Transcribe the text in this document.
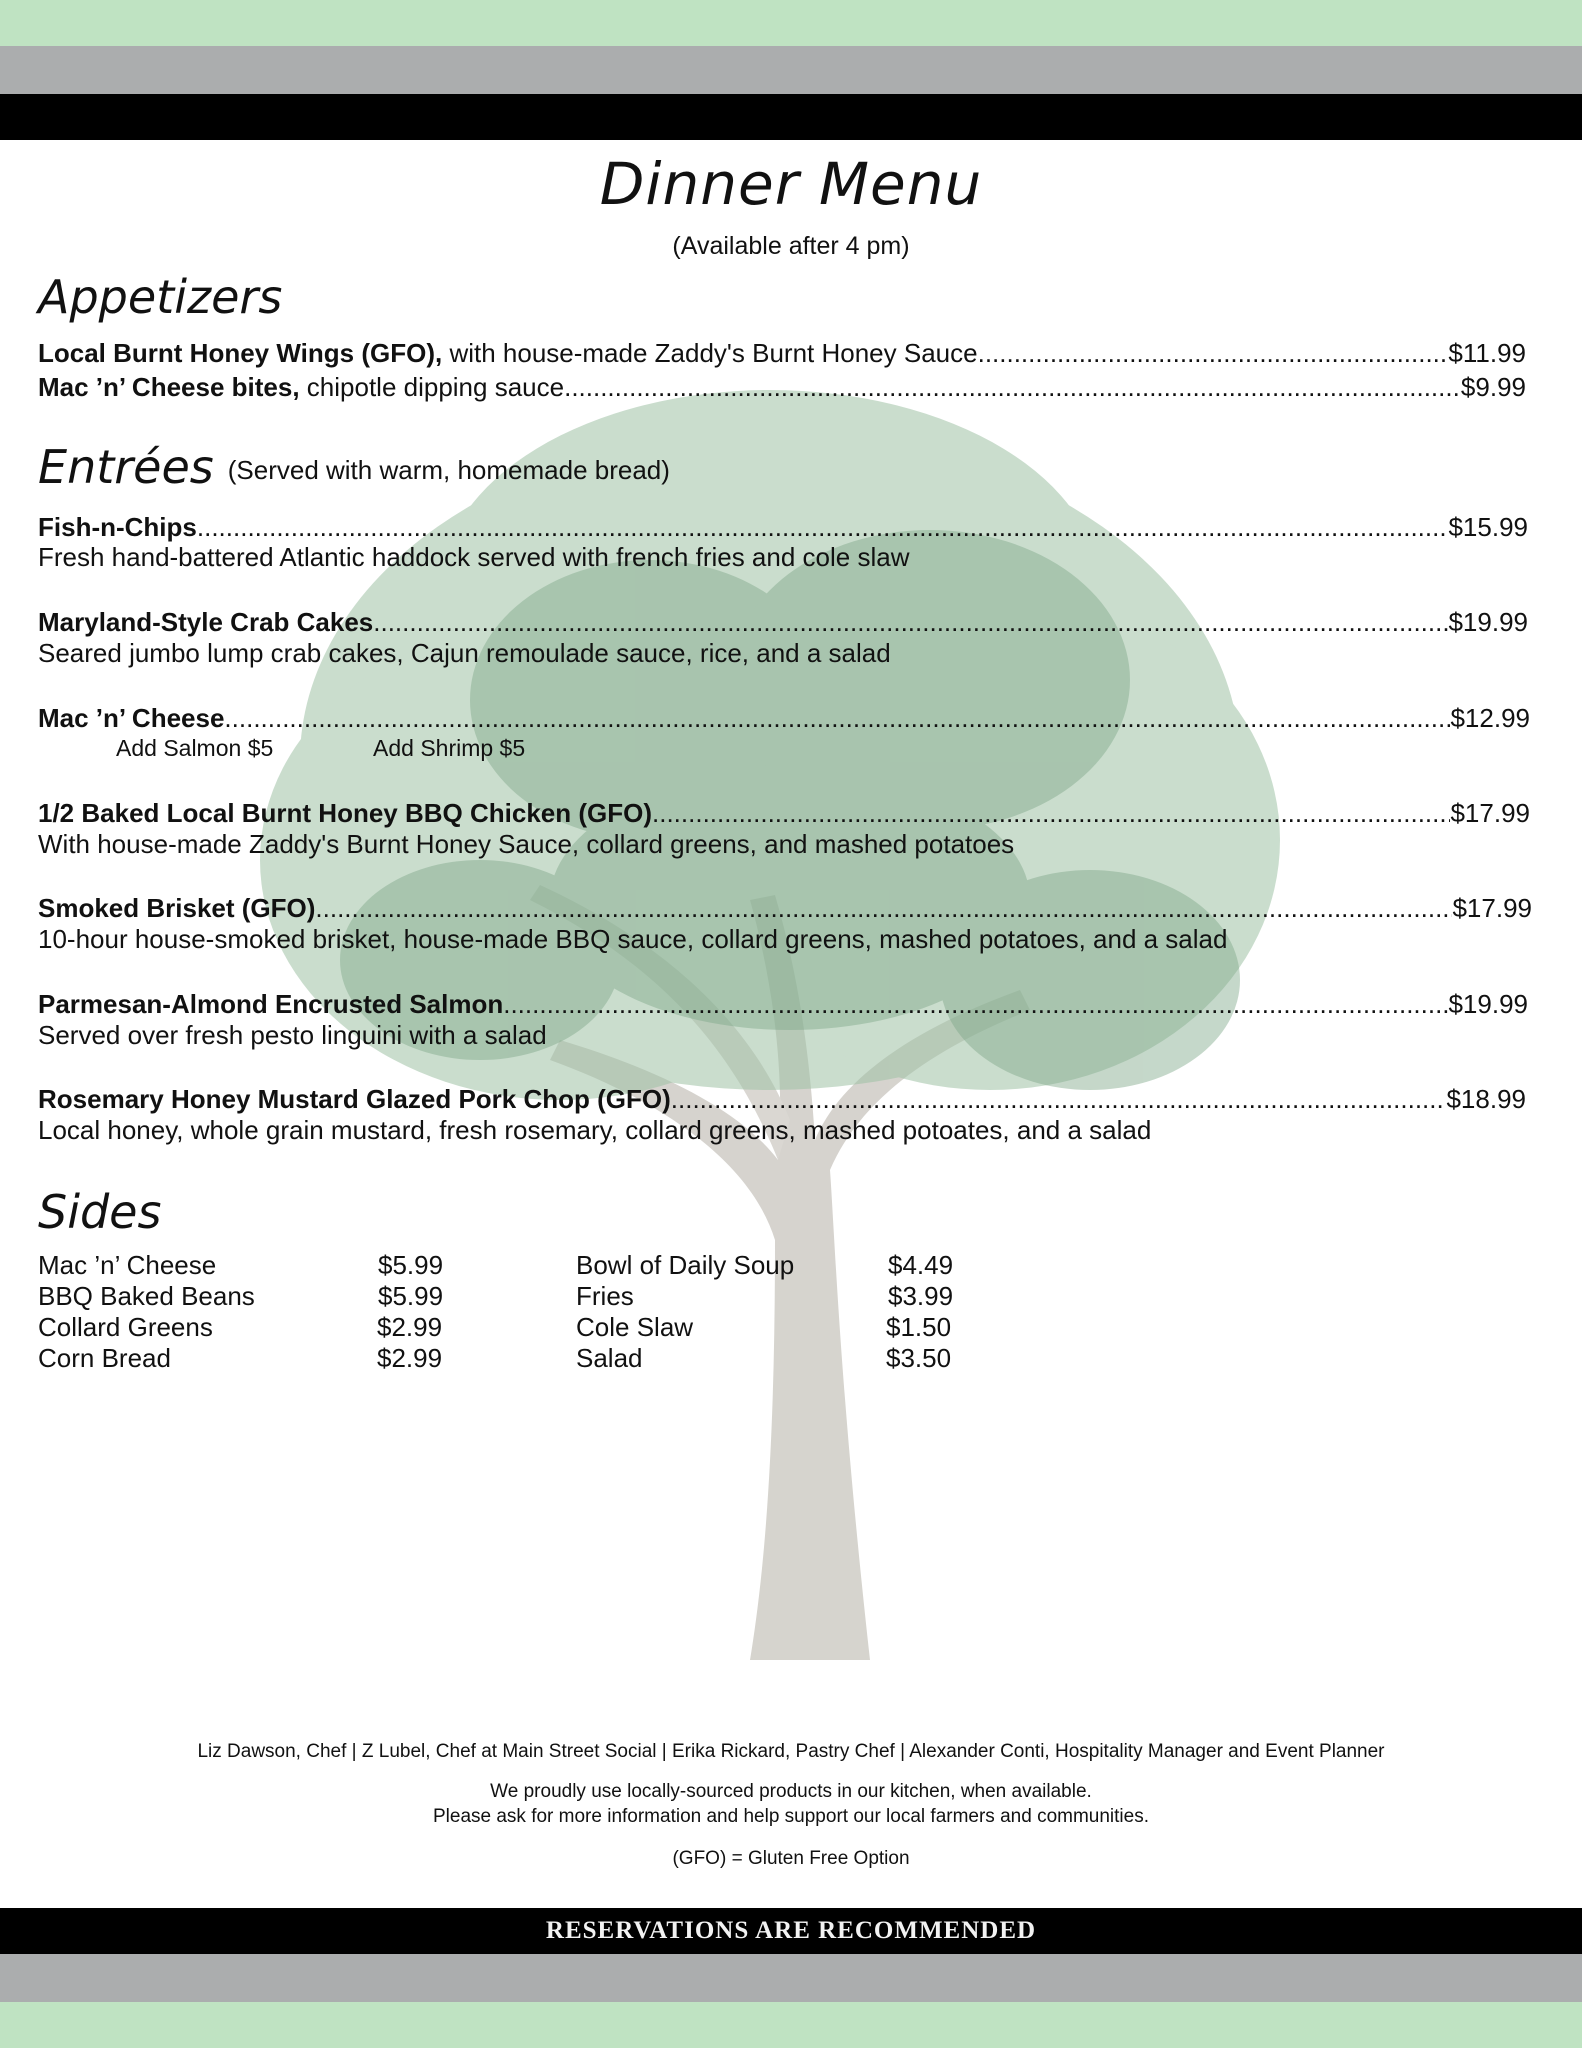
Dinner Menu
(Available after 4 pm)
Appetizers
Local Burnt Honey Wings (GFO), with house-made Zaddy's Burnt Honey Sauce .....	$11.99
Mac ’n’ Cheese bites, chipotle dipping sauce .....	$9.99
Entrées (Served with warm, homemade bread)
Fish-n-Chips .....	$15.99
Fresh hand-battered Atlantic haddock served with french fries and cole slaw
Maryland-Style Crab Cakes .....	$19.99
Seared jumbo lump crab cakes, Cajun remoulade sauce, rice, and a salad
Mac ’n’ Cheese .....	$12.99
Add Salmon $5	Add Shrimp $5
1/2 Baked Local Burnt Honey BBQ Chicken (GFO) .....	$17.99
With house-made Zaddy's Burnt Honey Sauce, collard greens, and mashed potatoes
Smoked Brisket (GFO) .....	$17.99
10-hour house-smoked brisket, house-made BBQ sauce, collard greens, mashed potatoes, and a salad
Parmesan-Almond Encrusted Salmon .....	$19.99
Served over fresh pesto linguini with a salad
Rosemary Honey Mustard Glazed Pork Chop (GFO) .....	$18.99
Local honey, whole grain mustard, fresh rosemary, collard greens, mashed potoates, and a salad
Sides
Mac ’n’ Cheese	$5.99
BBQ Baked Beans	$5.99
Collard Greens	$2.99
Corn Bread	$2.99
Bowl of Daily Soup	$4.49
Fries	$3.99
Cole Slaw	$1.50
Salad	$3.50
Liz Dawson, Chef | Z Lubel, Chef at Main Street Social | Erika Rickard, Pastry Chef | Alexander Conti, Hospitality Manager and Event Planner
We proudly use locally-sourced products in our kitchen, when available.
Please ask for more information and help support our local farmers and communities.
(GFO) = Gluten Free Option
RESERVATIONS ARE RECOMMENDED
